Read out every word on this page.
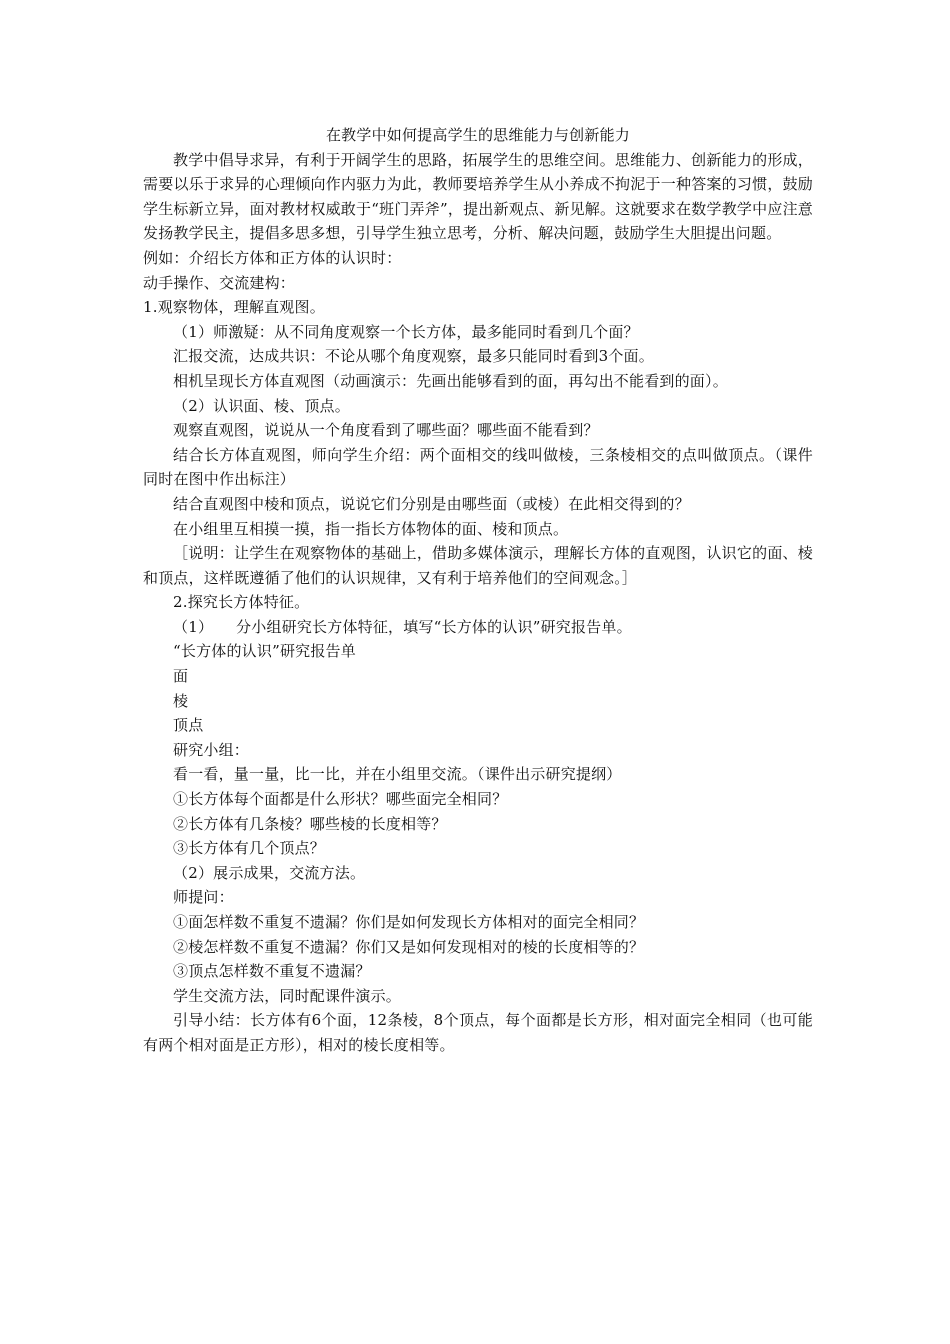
在教学中如何提高学生的思维能力与创新能力

教学中倡导求异，有利于开阔学生的思路，拓展学生的思维空间。思维能力、创新能力的形成，需要以乐于求异的心理倾向作内驱力为此，教师要培养学生从小养成不拘泥于一种答案的习惯，鼓励学生标新立异，面对教材权威敢于“班门弄斧”，提出新观点、新见解。这就要求在数学教学中应注意发扬教学民主，提倡多思多想，引导学生独立思考，分析、解决问题，鼓励学生大胆提出问题。

例如：介绍长方体和正方体的认识时：

动手操作、交流建构：

1.观察物体，理解直观图。

（1）师激疑：从不同角度观察一个长方体，最多能同时看到几个面？

汇报交流，达成共识：不论从哪个角度观察，最多只能同时看到3个面。

相机呈现长方体直观图（动画演示：先画出能够看到的面，再勾出不能看到的面）。

（2）认识面、棱、顶点。

观察直观图，说说从一个角度看到了哪些面？哪些面不能看到？

结合长方体直观图，师向学生介绍：两个面相交的线叫做棱，三条棱相交的点叫做顶点。（课件同时在图中作出标注）

结合直观图中棱和顶点，说说它们分别是由哪些面（或棱）在此相交得到的？

在小组里互相摸一摸，指一指长方体物体的面、棱和顶点。

［说明：让学生在观察物体的基础上，借助多媒体演示，理解长方体的直观图，认识它的面、棱和顶点，这样既遵循了他们的认识规律，又有利于培养他们的空间观念。］

2.探究长方体特征。

（1）　　分小组研究长方体特征，填写“长方体的认识”研究报告单。

“长方体的认识”研究报告单

面

棱

顶点

研究小组：

看一看，量一量，比一比，并在小组里交流。（课件出示研究提纲）

①长方体每个面都是什么形状？哪些面完全相同？

②长方体有几条棱？哪些棱的长度相等？

③长方体有几个顶点？

（2）展示成果，交流方法。

师提问：

①面怎样数不重复不遗漏？你们是如何发现长方体相对的面完全相同？

②棱怎样数不重复不遗漏？你们又是如何发现相对的棱的长度相等的？

③顶点怎样数不重复不遗漏？

学生交流方法，同时配课件演示。

引导小结：长方体有6个面，12条棱，8个顶点，每个面都是长方形，相对面完全相同（也可能有两个相对面是正方形），相对的棱长度相等。
